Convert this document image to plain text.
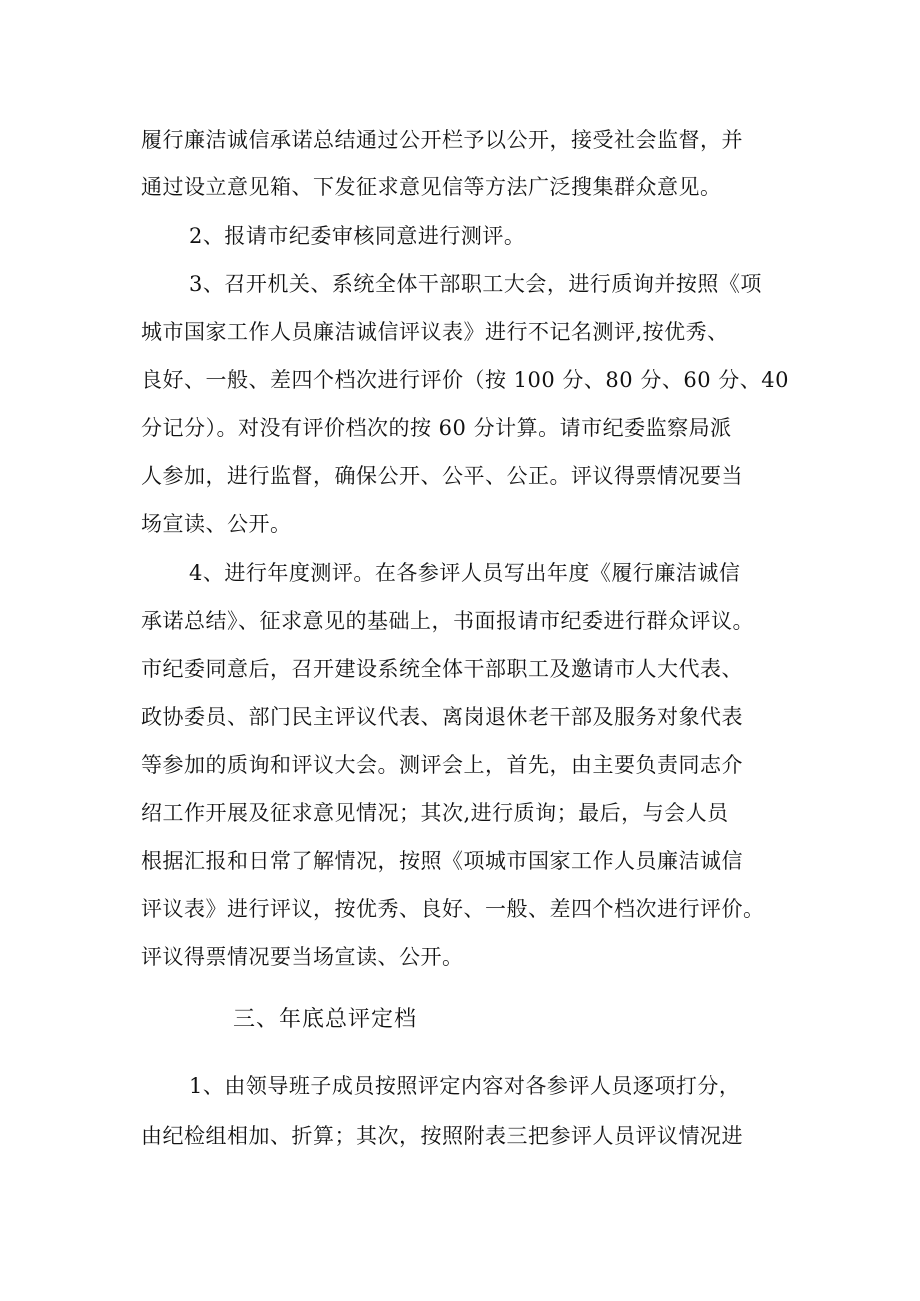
履行廉洁诚信承诺总结通过公开栏予以公开，接受社会监督，并
通过设立意见箱、下发征求意见信等方法广泛搜集群众意见。
2、报请市纪委审核同意进行测评。
3、召开机关、系统全体干部职工大会，进行质询并按照《项
城市国家工作人员廉洁诚信评议表》进行不记名测评,按优秀、
良好、一般、差四个档次进行评价（按 100 分、80 分、60 分、40
分记分）。对没有评价档次的按 60 分计算。请市纪委监察局派
人参加，进行监督，确保公开、公平、公正。评议得票情况要当
场宣读、公开。
4、进行年度测评。在各参评人员写出年度《履行廉洁诚信
承诺总结》、征求意见的基础上，书面报请市纪委进行群众评议。
市纪委同意后，召开建设系统全体干部职工及邀请市人大代表、
政协委员、部门民主评议代表、离岗退休老干部及服务对象代表
等参加的质询和评议大会。测评会上，首先，由主要负责同志介
绍工作开展及征求意见情况；其次,进行质询；最后，与会人员
根据汇报和日常了解情况，按照《项城市国家工作人员廉洁诚信
评议表》进行评议，按优秀、良好、一般、差四个档次进行评价。
评议得票情况要当场宣读、公开。
三、年底总评定档
1、由领导班子成员按照评定内容对各参评人员逐项打分，
由纪检组相加、折算；其次，按照附表三把参评人员评议情况进
